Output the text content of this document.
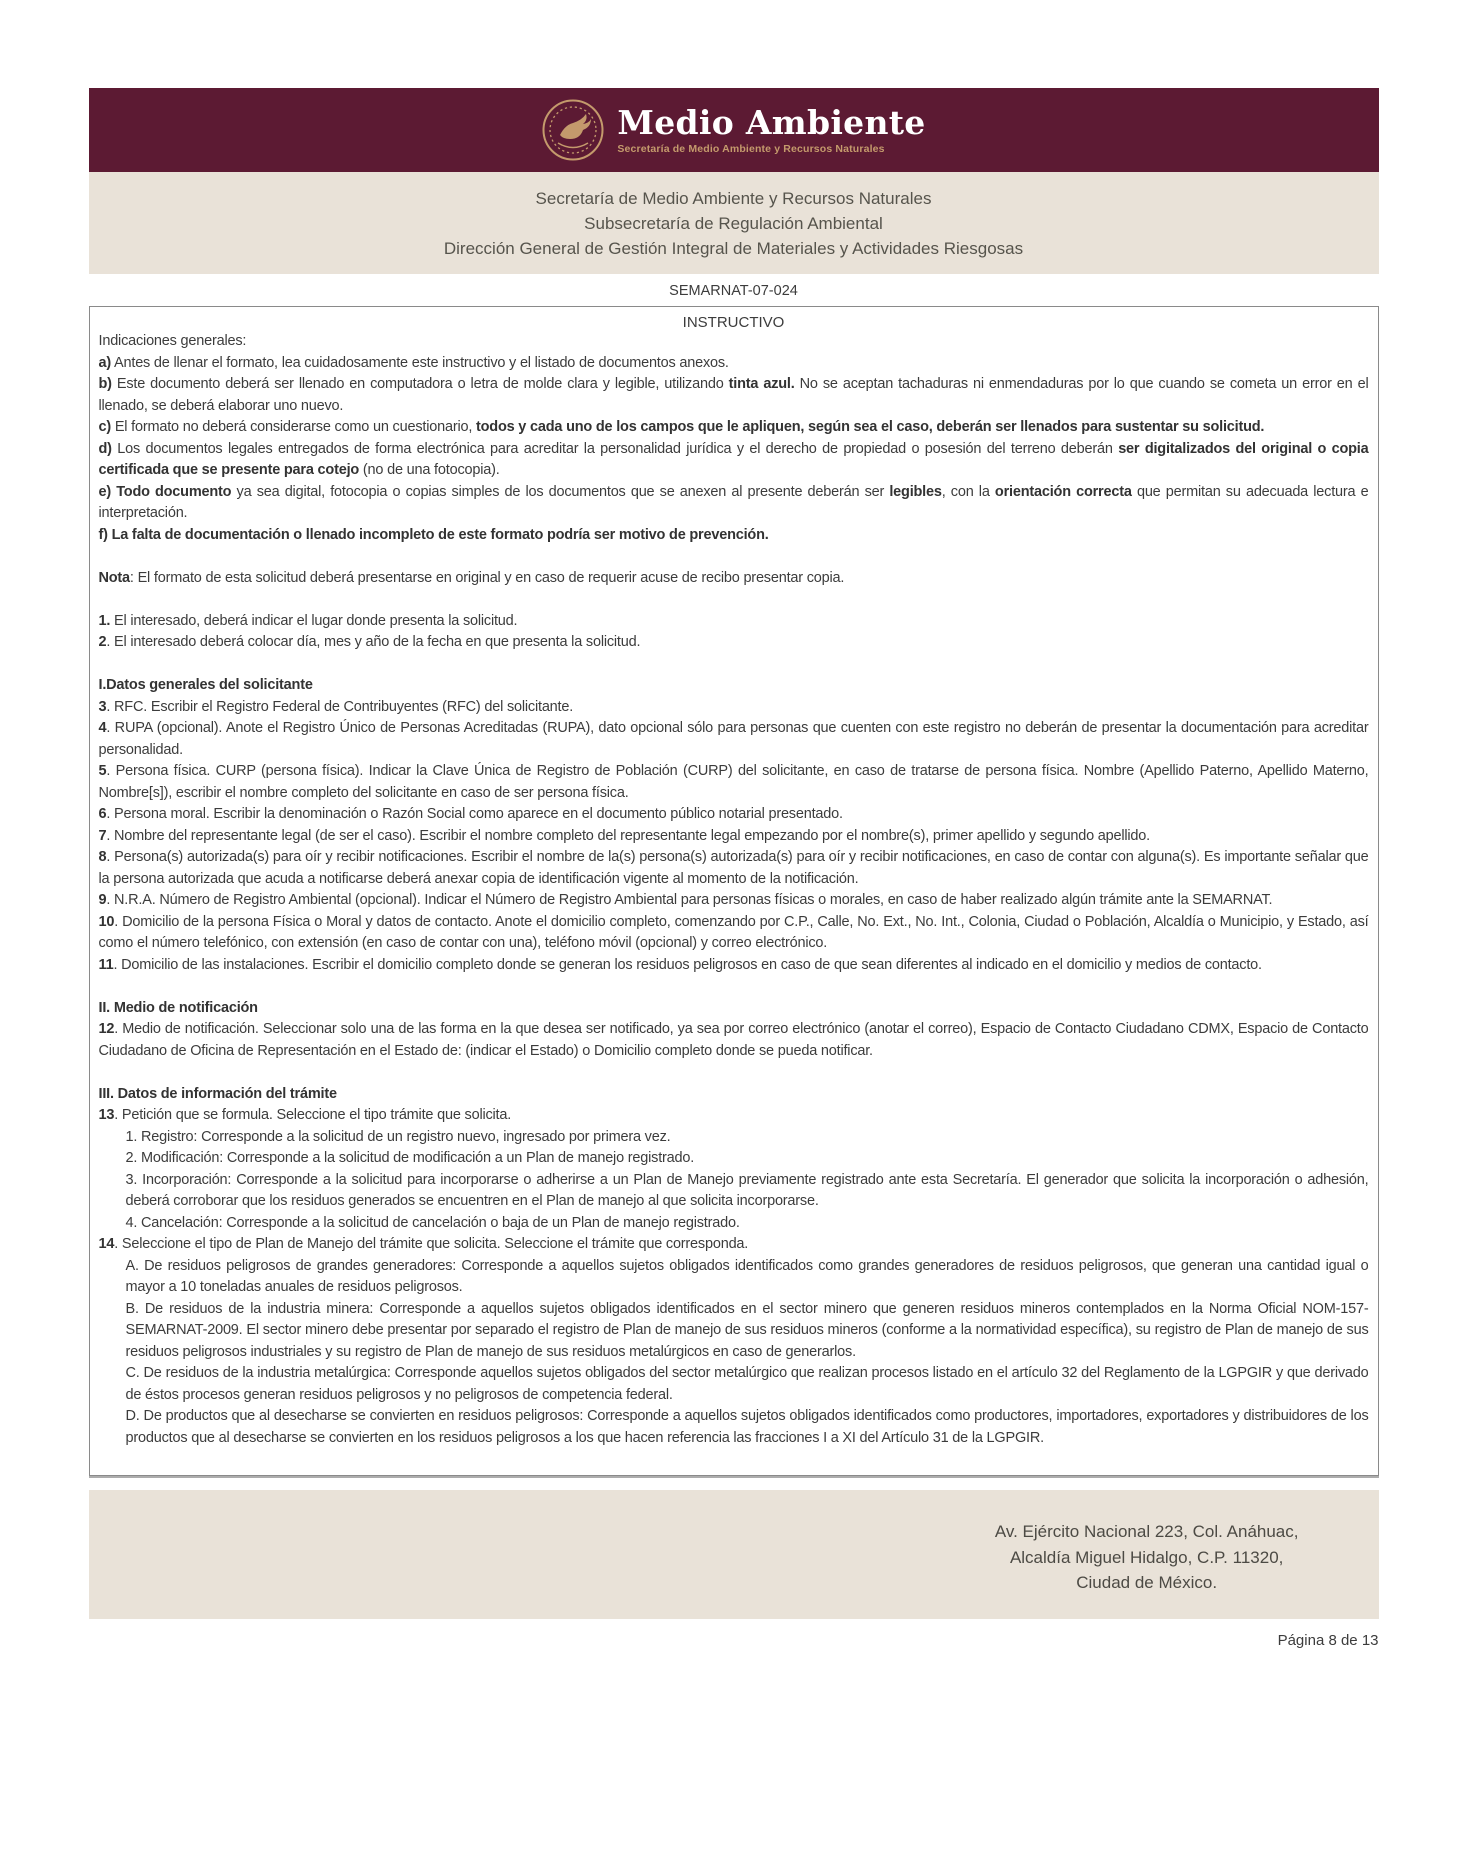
Medio Ambiente
Secretaría de Medio Ambiente y Recursos Naturales
Secretaría de Medio Ambiente y Recursos Naturales
Subsecretaría de Regulación Ambiental
Dirección General de Gestión Integral de Materiales y Actividades Riesgosas
SEMARNAT-07-024
INSTRUCTIVO

Indicaciones generales:

a) Antes de llenar el formato, lea cuidadosamente este instructivo y el listado de documentos anexos.

b) Este documento deberá ser llenado en computadora o letra de molde clara y legible, utilizando tinta azul. No se aceptan tachaduras ni enmendaduras por lo que cuando se cometa un error en el llenado, se deberá elaborar uno nuevo.

c) El formato no deberá considerarse como un cuestionario, todos y cada uno de los campos que le apliquen, según sea el caso, deberán ser llenados para sustentar su solicitud.

d) Los documentos legales entregados de forma electrónica para acreditar la personalidad jurídica y el derecho de propiedad o posesión del terreno deberán ser digitalizados del original o copia certificada que se presente para cotejo (no de una fotocopia).

e) Todo documento ya sea digital, fotocopia o copias simples de los documentos que se anexen al presente deberán ser legibles, con la orientación correcta que permitan su adecuada lectura e interpretación.

f) La falta de documentación o llenado incompleto de este formato podría ser motivo de prevención.

Nota: El formato de esta solicitud deberá presentarse en original y en caso de requerir acuse de recibo presentar copia.

1. El interesado, deberá indicar el lugar donde presenta la solicitud.

2. El interesado deberá colocar día, mes y año de la fecha en que presenta la solicitud.

I.Datos generales del solicitante

3. RFC. Escribir el Registro Federal de Contribuyentes (RFC) del solicitante.

4. RUPA (opcional). Anote el Registro Único de Personas Acreditadas (RUPA), dato opcional sólo para personas que cuenten con este registro no deberán de presentar la documentación para acreditar personalidad.

5. Persona física. CURP (persona física). Indicar la Clave Única de Registro de Población (CURP) del solicitante, en caso de tratarse de persona física. Nombre (Apellido Paterno, Apellido Materno, Nombre[s]), escribir el nombre completo del solicitante en caso de ser persona física.

6. Persona moral. Escribir la denominación o Razón Social como aparece en el documento público notarial presentado.

7. Nombre del representante legal (de ser el caso). Escribir el nombre completo del representante legal empezando por el nombre(s), primer apellido y segundo apellido.

8. Persona(s) autorizada(s) para oír y recibir notificaciones. Escribir el nombre de la(s) persona(s) autorizada(s) para oír y recibir notificaciones, en caso de contar con alguna(s). Es importante señalar que la persona autorizada que acuda a notificarse deberá anexar copia de identificación vigente al momento de la notificación.

9. N.R.A. Número de Registro Ambiental (opcional). Indicar el Número de Registro Ambiental para personas físicas o morales, en caso de haber realizado algún trámite ante la SEMARNAT.

10. Domicilio de la persona Física o Moral y datos de contacto. Anote el domicilio completo, comenzando por C.P., Calle, No. Ext., No. Int., Colonia, Ciudad o Población, Alcaldía o Municipio, y Estado, así como el número telefónico, con extensión (en caso de contar con una), teléfono móvil (opcional) y correo electrónico.

11. Domicilio de las instalaciones. Escribir el domicilio completo donde se generan los residuos peligrosos en caso de que sean diferentes al indicado en el domicilio y medios de contacto.

II. Medio de notificación

12. Medio de notificación. Seleccionar solo una de las forma en la que desea ser notificado, ya sea por correo electrónico (anotar el correo), Espacio de Contacto Ciudadano CDMX, Espacio de Contacto Ciudadano de Oficina de Representación en el Estado de: (indicar el Estado) o Domicilio completo donde se pueda notificar.

III. Datos de información del trámite

13. Petición que se formula. Seleccione el tipo trámite que solicita.

1. Registro: Corresponde a la solicitud de un registro nuevo, ingresado por primera vez.

2. Modificación: Corresponde a la solicitud de modificación a un Plan de manejo registrado.

3. Incorporación: Corresponde a la solicitud para incorporarse o adherirse a un Plan de Manejo previamente registrado ante esta Secretaría. El generador que solicita la incorporación o adhesión, deberá corroborar que los residuos generados se encuentren en el Plan de manejo al que solicita incorporarse.

4. Cancelación: Corresponde a la solicitud de cancelación o baja de un Plan de manejo registrado.

14. Seleccione el tipo de Plan de Manejo del trámite que solicita. Seleccione el trámite que corresponda.

A. De residuos peligrosos de grandes generadores: Corresponde a aquellos sujetos obligados identificados como grandes generadores de residuos peligrosos, que generan una cantidad igual o mayor a 10 toneladas anuales de residuos peligrosos.

B. De residuos de la industria minera: Corresponde a aquellos sujetos obligados identificados en el sector minero que generen residuos mineros contemplados en la Norma Oficial NOM-157-SEMARNAT-2009. El sector minero debe presentar por separado el registro de Plan de manejo de sus residuos mineros (conforme a la normatividad específica), su registro de Plan de manejo de sus residuos peligrosos industriales y su registro de Plan de manejo de sus residuos metalúrgicos en caso de generarlos.

C. De residuos de la industria metalúrgica: Corresponde aquellos sujetos obligados del sector metalúrgico que realizan procesos listado en el artículo 32 del Reglamento de la LGPGIR y que derivado de éstos procesos generan residuos peligrosos y no peligrosos de competencia federal.

D. De productos que al desecharse se convierten en residuos peligrosos: Corresponde a aquellos sujetos obligados identificados como productores, importadores, exportadores y distribuidores de los productos que al desecharse se convierten en los residuos peligrosos a los que hacen referencia las fracciones I a XI del Artículo 31 de la LGPGIR.

Av. Ejército Nacional 223, Col. Anáhuac,
Alcaldía Miguel Hidalgo, C.P. 11320,
Ciudad de México.
Página 8 de 13
